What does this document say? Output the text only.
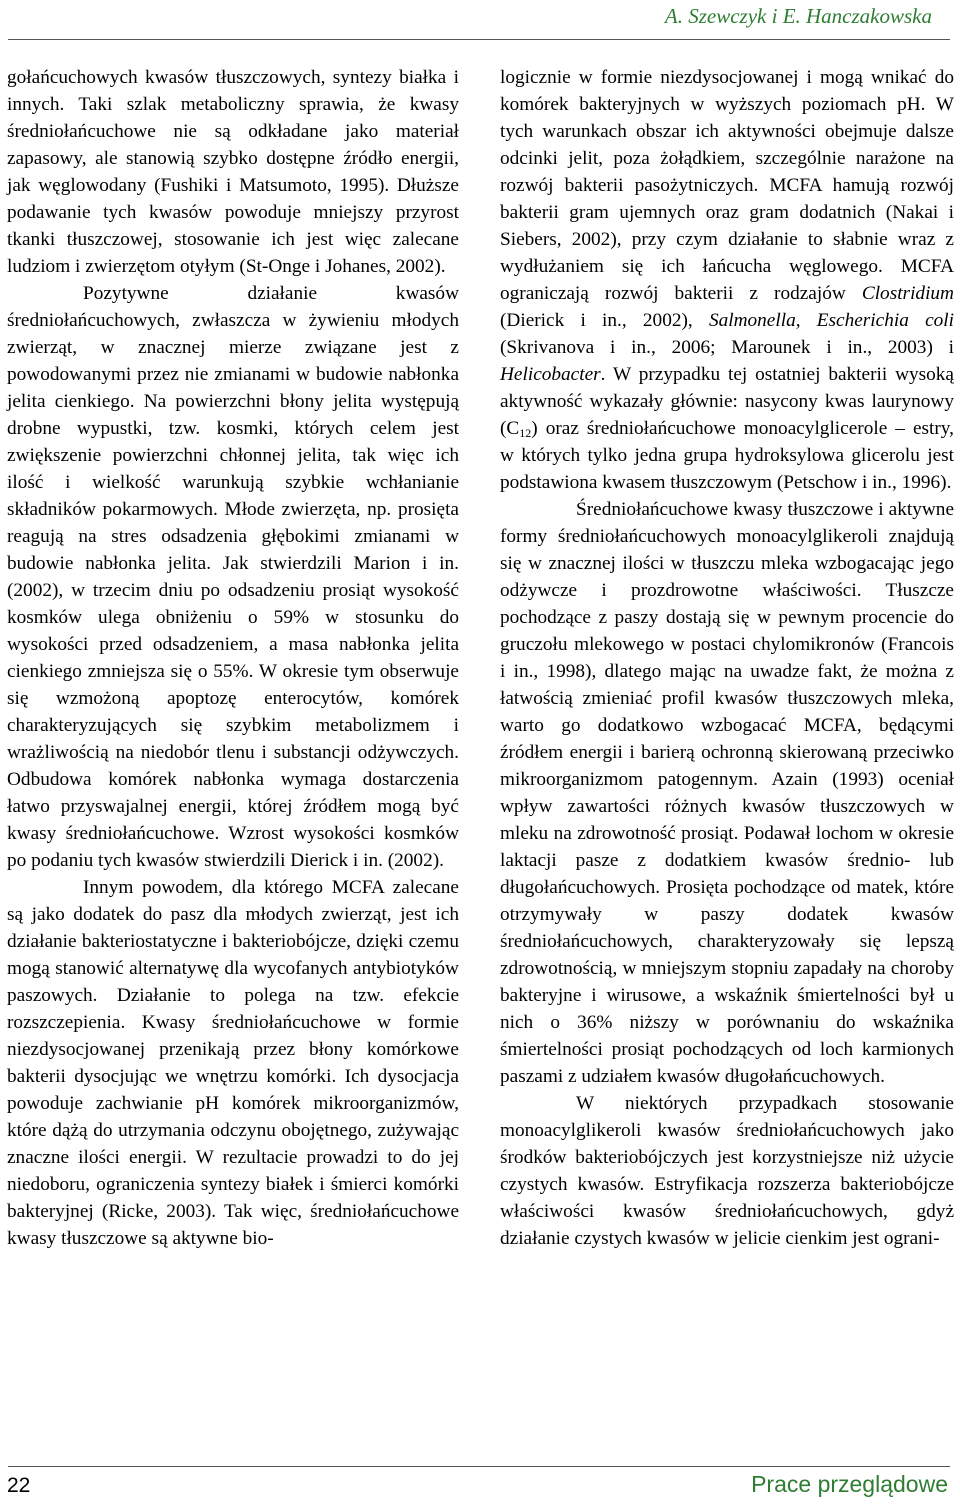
A. Szewczyk i E. Hanczakowska

gołańcuchowych kwasów tłuszczowych, syntezy białka i innych. Taki szlak metaboliczny sprawia, że kwasy średniołańcuchowe nie są odkładane jako materiał zapasowy, ale stanowią szybko dostępne źródło energii, jak węglowodany (Fushiki i Matsumoto, 1995). Dłuższe podawanie tych kwasów powoduje mniejszy przyrost tkanki tłuszczowej, stosowanie ich jest więc zalecane ludziom i zwierzętom otyłym (St-Onge i Johanes, 2002).

Pozytywne działanie kwasów średniołańcuchowych, zwłaszcza w żywieniu młodych zwierząt, w znacznej mierze związane jest z powodowanymi przez nie zmianami w budowie nabłonka jelita cienkiego. Na powierzchni błony jelita występują drobne wypustki, tzw. kosmki, których celem jest zwiększenie powierzchni chłonnej jelita, tak więc ich ilość i wielkość warunkują szybkie wchłanianie składników pokarmowych. Młode zwierzęta, np. prosięta reagują na stres odsadzenia głębokimi zmianami w budowie nabłonka jelita. Jak stwierdzili Marion i in. (2002), w trzecim dniu po odsadzeniu prosiąt wysokość kosmków ulega obniżeniu o 59% w stosunku do wysokości przed odsadzeniem, a masa nabłonka jelita cienkiego zmniejsza się o 55%. W okresie tym obserwuje się wzmożoną apoptozę enterocytów, komórek charakteryzujących się szybkim metabolizmem i wrażliwością na niedobór tlenu i substancji odżywczych. Odbudowa komórek nabłonka wymaga dostarczenia łatwo przyswajalnej energii, której źródłem mogą być kwasy średniołańcuchowe. Wzrost wysokości kosmków po podaniu tych kwasów stwierdzili Dierick i in. (2002).

Innym powodem, dla którego MCFA zalecane są jako dodatek do pasz dla młodych zwierząt, jest ich działanie bakteriostatyczne i bakteriobójcze, dzięki czemu mogą stanowić alternatywę dla wycofanych antybiotyków paszowych. Działanie to polega na tzw. efekcie rozszczepienia. Kwasy średniołańcuchowe w formie niezdysocjowanej przenikają przez błony komórkowe bakterii dysocjując we wnętrzu komórki. Ich dysocjacja powoduje zachwianie pH komórek mikroorganizmów, które dążą do utrzymania odczynu obojętnego, zużywając znaczne ilości energii. W rezultacie prowadzi to do jej niedoboru, ograniczenia syntezy białek i śmierci komórki bakteryjnej (Ricke, 2003). Tak więc, średniołańcuchowe kwasy tłuszczowe są aktywne bio-

logicznie w formie niezdysocjowanej i mogą wnikać do komórek bakteryjnych w wyższych poziomach pH. W tych warunkach obszar ich aktywności obejmuje dalsze odcinki jelit, poza żołądkiem, szczególnie narażone na rozwój bakterii pasożytniczych. MCFA hamują rozwój bakterii gram ujemnych oraz gram dodatnich (Nakai i Siebers, 2002), przy czym działanie to słabnie wraz z wydłużaniem się ich łańcucha węglowego. MCFA ograniczają rozwój bakterii z rodzajów Clostridium (Dierick i in., 2002), Salmonella, Escherichia coli (Skrivanova i in., 2006; Marounek i in., 2003) i Helicobacter. W przypadku tej ostatniej bakterii wysoką aktywność wykazały głównie: nasycony kwas laurynowy $(C_{12})$ oraz średniołańcuchowe monoacylglicerole – estry, w których tylko jedna grupa hydroksylowa glicerolu jest podstawiona kwasem tłuszczowym (Petschow i in., 1996).

Średniołańcuchowe kwasy tłuszczowe i aktywne formy średniołańcuchowych monoacylglikeroli znajdują się w znacznej ilości w tłuszczu mleka wzbogacając jego odżywcze i prozdrowotne właściwości. Tłuszcze pochodzące z paszy dostają się w pewnym procencie do gruczołu mlekowego w postaci chylomikronów (Francois i in., 1998), dlatego mając na uwadze fakt, że można z łatwością zmieniać profil kwasów tłuszczowych mleka, warto go dodatkowo wzbogacać MCFA, będącymi źródłem energii i barierą ochronną skierowaną przeciwko mikroorganizmom patogennym. Azain (1993) oceniał wpływ zawartości różnych kwasów tłuszczowych w mleku na zdrowotność prosiąt. Podawał lochom w okresie laktacji pasze z dodatkiem kwasów średnio- lub długołańcuchowych. Prosięta pochodzące od matek, które otrzymywały w paszy dodatek kwasów średniołańcuchowych, charakteryzowały się lepszą zdrowotnością, w mniejszym stopniu zapadały na choroby bakteryjne i wirusowe, a wskaźnik śmiertelności był u nich o 36% niższy w porównaniu do wskaźnika śmiertelności prosiąt pochodzących od loch karmionych paszami z udziałem kwasów długołańcuchowych.

W niektórych przypadkach stosowanie monoacylglikeroli kwasów średniołańcuchowych jako środków bakteriobójczych jest korzystniejsze niż użycie czystych kwasów. Estryfikacja rozszerza bakteriobójcze właściwości kwasów średniołańcuchowych, gdyż działanie czystych kwasów w jelicie cienkim jest ograni-

22	Prace przeglądowe
